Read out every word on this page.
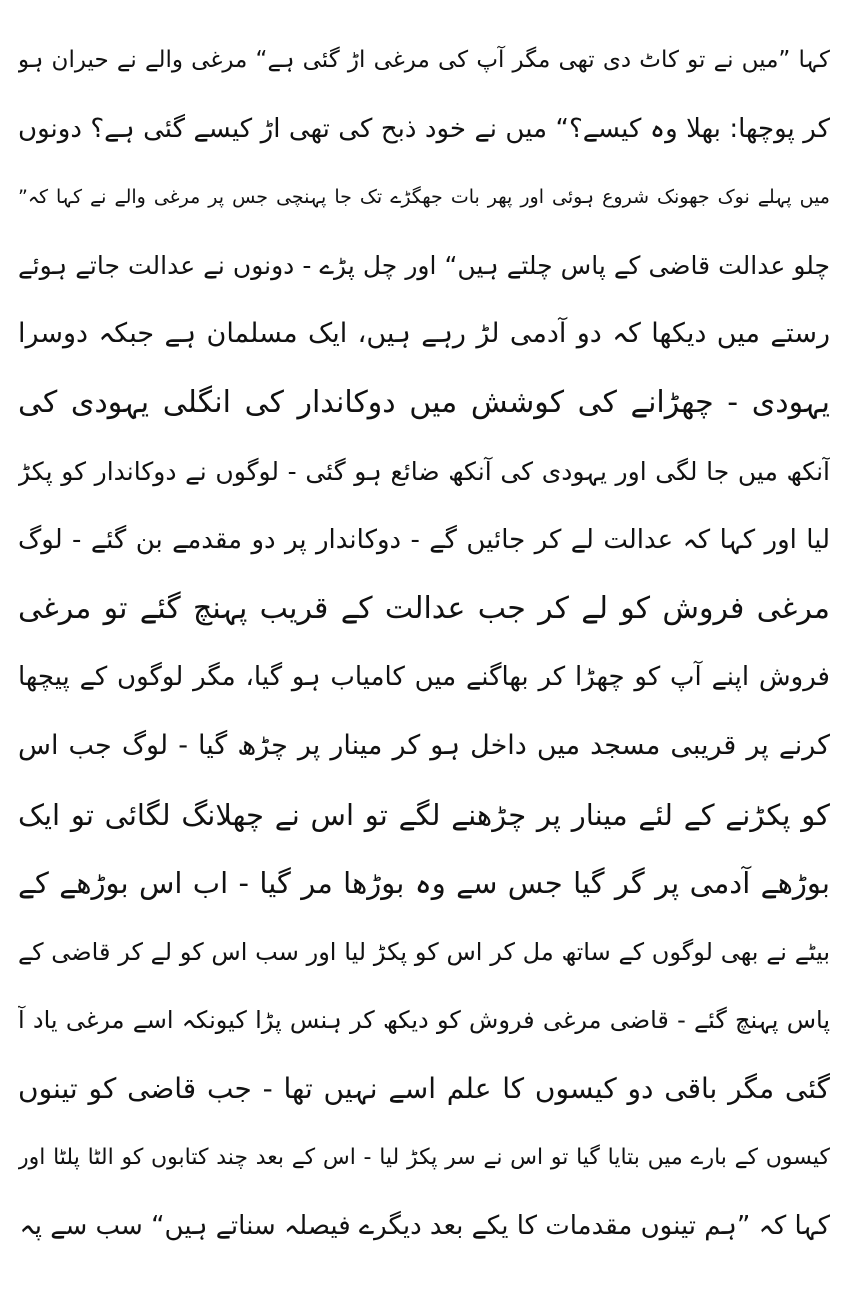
کہا ”میں نے تو کاٹ دی تھی مگر آپ کی مرغی اڑ گئی ہے“ مرغی والے نے حیران ہو
کر پوچھا: بھلا وہ کیسے؟“ میں نے خود ذبح کی تھی اڑ کیسے گئی ہے؟ دونوں
میں پہلے نوک جھونک شروع ہوئی اور پھر بات جھگڑے تک جا پہنچی جس پر مرغی والے نے کہا کہ”
چلو عدالت قاضی کے پاس چلتے ہیں“ اور چل پڑے - دونوں نے عدالت جاتے ہوئے
رستے میں دیکھا کہ دو آدمی لڑ رہے ہیں، ایک مسلمان ہے جبکہ دوسرا
یہودی - چھڑانے کی کوشش میں دوکاندار کی انگلی یہودی کی
آنکھ میں جا لگی اور یہودی کی آنکھ ضائع ہو گئی - لوگوں نے دوکاندار کو پکڑ
لیا اور کہا کہ عدالت لے کر جائیں گے - دوکاندار پر دو مقدمے بن گئے - لوگ
مرغی فروش کو لے کر جب عدالت کے قریب پہنچ گئے تو مرغی
فروش اپنے آپ کو چھڑا کر بھاگنے میں کامیاب ہو گیا، مگر لوگوں کے پیچھا
کرنے پر قریبی مسجد میں داخل ہو کر مینار پر چڑھ گیا - لوگ جب اس
کو پکڑنے کے لئے مینار پر چڑھنے لگے تو اس نے چھلانگ لگائی تو ایک
بوڑھے آدمی پر گر گیا جس سے وہ بوڑھا مر گیا - اب اس بوڑھے کے
بیٹے نے بھی لوگوں کے ساتھ مل کر اس کو پکڑ لیا اور سب اس کو لے کر قاضی کے
پاس پہنچ گئے - قاضی مرغی فروش کو دیکھ کر ہنس پڑا کیونکہ اسے مرغی یاد آ
گئی مگر باقی دو کیسوں کا علم اسے نہیں تھا - جب قاضی کو تینوں
کیسوں کے بارے میں بتایا گیا تو اس نے سر پکڑ لیا - اس کے بعد چند کتابوں کو الٹا پلٹا اور
کہا کہ ”ہم تینوں مقدمات کا یکے بعد دیگرے فیصلہ سناتے ہیں“ سب سے پہ
